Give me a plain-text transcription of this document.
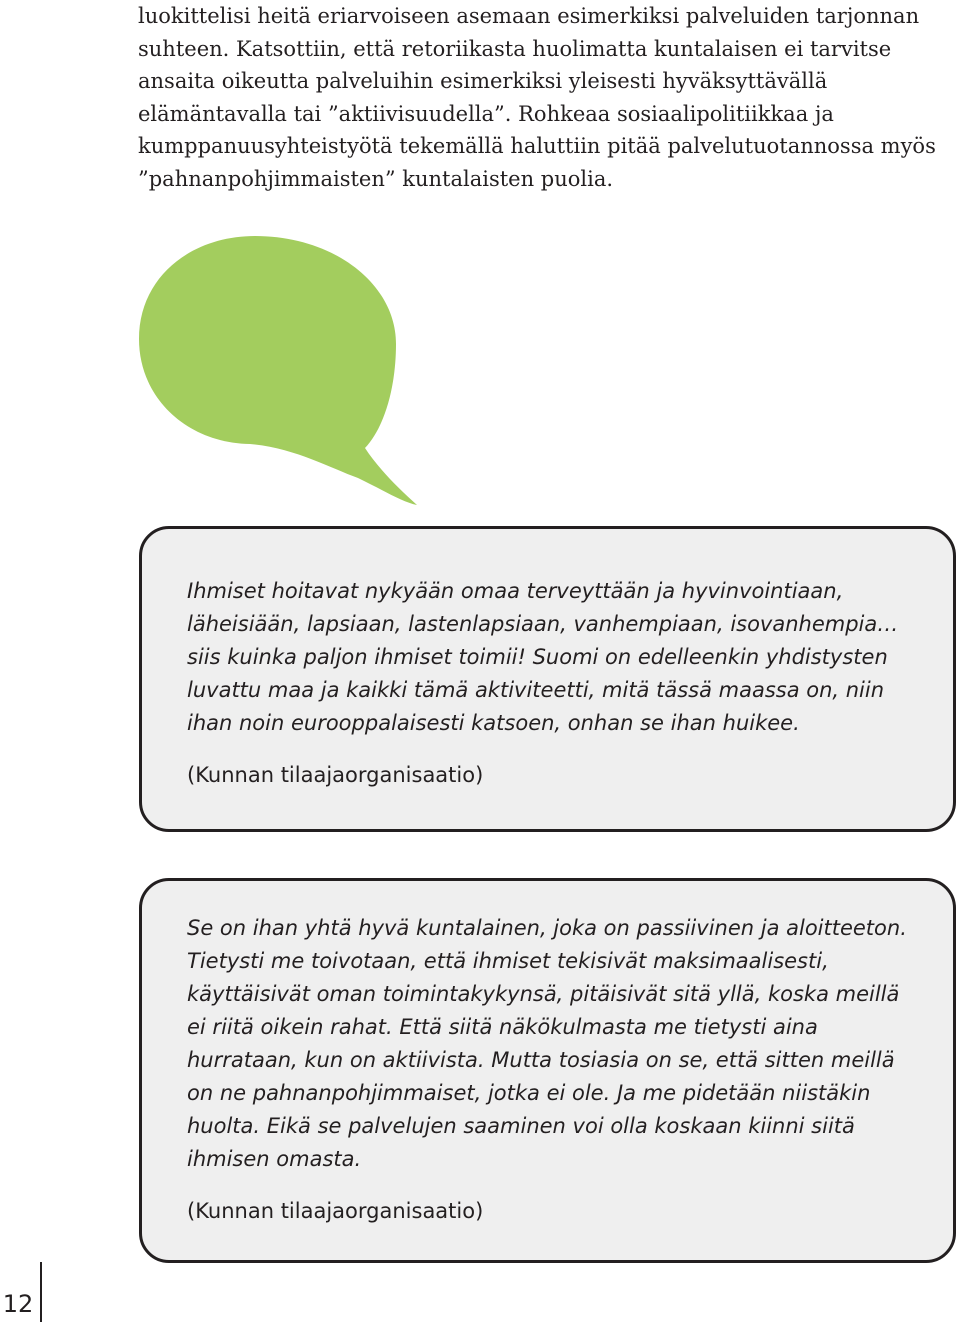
luokittelisi heitä eriarvoiseen asemaan esimerkiksi palveluiden tarjonnan suhteen. Katsottiin, että retoriikasta huolimatta kuntalaisen ei tarvitse ansaita oikeutta palveluihin esimerkiksi yleisesti hyväksyttävällä elämäntavalla tai ”aktiivisuudella”. Rohkeaa sosiaalipolitiikkaa ja kumppanuusyhteistyötä tekemällä haluttiin pitää palvelutuotannossa myös ”pahnanpohjimmaisten” kuntalaisten puolia.

Ihmiset hoitavat nykyään omaa terveyttään ja hyvinvointiaan, läheisiään, lapsiaan, lastenlapsiaan, vanhempiaan, isovanhempia… siis kuinka paljon ihmiset toimii! Suomi on edelleenkin yhdistysten luvattu maa ja kaikki tämä aktiviteetti, mitä tässä maassa on, niin ihan noin eurooppalaisesti katsoen, onhan se ihan huikee.

(Kunnan tilaajaorganisaatio)

Se on ihan yhtä hyvä kuntalainen, joka on passiivinen ja aloitteeton. Tietysti me toivotaan, että ihmiset tekisivät maksimaalisesti, käyttäisivät oman toimintakykynsä, pitäisivät sitä yllä, koska meillä ei riitä oikein rahat. Että siitä näkökulmasta me tietysti aina hurrataan, kun on aktiivista. Mutta tosiasia on se, että sitten meillä on ne pahnanpohjimmaiset, jotka ei ole. Ja me pidetään niistäkin huolta. Eikä se palvelujen saaminen voi olla koskaan kiinni siitä ihmisen omasta.

(Kunnan tilaajaorganisaatio)

12
